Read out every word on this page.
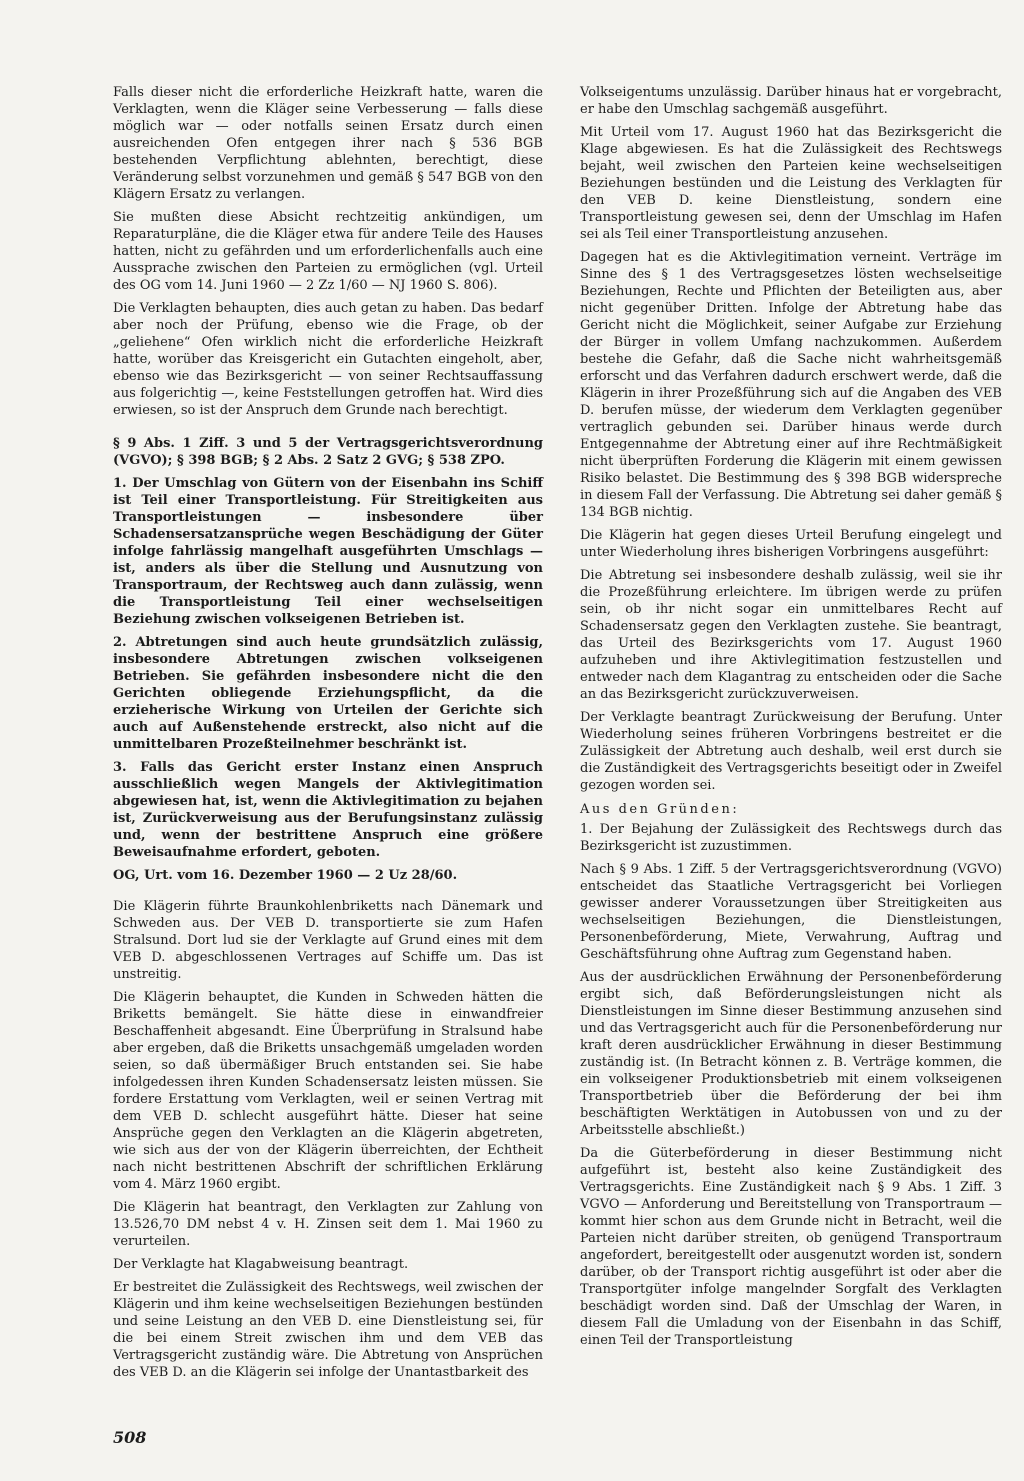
Falls dieser nicht die erforderliche Heizkraft hatte, waren die Verklagten, wenn die Kläger seine Verbesserung — falls diese möglich war — oder notfalls seinen Ersatz durch einen ausreichenden Ofen entgegen ihrer nach § 536 BGB bestehenden Verpflichtung ablehnten, berechtigt, diese Veränderung selbst vorzunehmen und gemäß § 547 BGB von den Klägern Ersatz zu verlangen.

Sie mußten diese Absicht rechtzeitig ankündigen, um Reparaturpläne, die die Kläger etwa für andere Teile des Hauses hatten, nicht zu gefährden und um erforderlichenfalls auch eine Aussprache zwischen den Parteien zu ermöglichen (vgl. Urteil des OG vom 14. Juni 1960 — 2 Zz 1/60 — NJ 1960 S. 806).

Die Verklagten behaupten, dies auch getan zu haben. Das bedarf aber noch der Prüfung, ebenso wie die Frage, ob der „geliehene“ Ofen wirklich nicht die erforderliche Heizkraft hatte, worüber das Kreisgericht ein Gutachten eingeholt, aber, ebenso wie das Bezirksgericht — von seiner Rechtsauffassung aus folgerichtig —, keine Feststellungen getroffen hat. Wird dies erwiesen, so ist der Anspruch dem Grunde nach berechtigt.

§ 9 Abs. 1 Ziff. 3 und 5 der Vertragsgerichtsverordnung (VGVO); § 398 BGB; § 2 Abs. 2 Satz 2 GVG; § 538 ZPO.

1. Der Umschlag von Gütern von der Eisenbahn ins Schiff ist Teil einer Transportleistung. Für Streitigkeiten aus Transportleistungen — insbesondere über Schadensersatzansprüche wegen Beschädigung der Güter infolge fahrlässig mangelhaft ausgeführten Umschlags — ist, anders als über die Stellung und Ausnutzung von Transportraum, der Rechtsweg auch dann zulässig, wenn die Transportleistung Teil einer wechselseitigen Beziehung zwischen volkseigenen Betrieben ist.

2. Abtretungen sind auch heute grundsätzlich zulässig, insbesondere Abtretungen zwischen volkseigenen Betrieben. Sie gefährden insbesondere nicht die den Gerichten obliegende Erziehungspflicht, da die erzieherische Wirkung von Urteilen der Gerichte sich auch auf Außenstehende erstreckt, also nicht auf die unmittelbaren Prozeßteilnehmer beschränkt ist.

3. Falls das Gericht erster Instanz einen Anspruch ausschließlich wegen Mangels der Aktivlegitimation abgewiesen hat, ist, wenn die Aktivlegitimation zu bejahen ist, Zurückverweisung aus der Berufungsinstanz zulässig und, wenn der bestrittene Anspruch eine größere Beweisaufnahme erfordert, geboten.

OG, Urt. vom 16. Dezember 1960 — 2 Uz 28/60.

Die Klägerin führte Braunkohlenbriketts nach Dänemark und Schweden aus. Der VEB D. transportierte sie zum Hafen Stralsund. Dort lud sie der Verklagte auf Grund eines mit dem VEB D. abgeschlossenen Vertrages auf Schiffe um. Das ist unstreitig.

Die Klägerin behauptet, die Kunden in Schweden hätten die Briketts bemängelt. Sie hätte diese in einwandfreier Beschaffenheit abgesandt. Eine Überprüfung in Stralsund habe aber ergeben, daß die Briketts unsachgemäß umgeladen worden seien, so daß übermäßiger Bruch entstanden sei. Sie habe infolgedessen ihren Kunden Schadensersatz leisten müssen. Sie fordere Erstattung vom Verklagten, weil er seinen Vertrag mit dem VEB D. schlecht ausgeführt hätte. Dieser hat seine Ansprüche gegen den Verklagten an die Klägerin abgetreten, wie sich aus der von der Klägerin überreichten, der Echtheit nach nicht bestrittenen Abschrift der schriftlichen Erklärung vom 4. März 1960 ergibt.

Die Klägerin hat beantragt, den Verklagten zur Zahlung von 13.526,70 DM nebst 4 v. H. Zinsen seit dem 1. Mai 1960 zu verurteilen.

Der Verklagte hat Klagabweisung beantragt.

Er bestreitet die Zulässigkeit des Rechtswegs, weil zwischen der Klägerin und ihm keine wechselseitigen Beziehungen bestünden und seine Leistung an den VEB D. eine Dienstleistung sei, für die bei einem Streit zwischen ihm und dem VEB das Vertragsgericht zuständig wäre. Die Abtretung von Ansprüchen des VEB D. an die Klägerin sei infolge der Unantastbarkeit des

Volkseigentums unzulässig. Darüber hinaus hat er vorgebracht, er habe den Umschlag sachgemäß ausgeführt.

Mit Urteil vom 17. August 1960 hat das Bezirksgericht die Klage abgewiesen. Es hat die Zulässigkeit des Rechtswegs bejaht, weil zwischen den Parteien keine wechselseitigen Beziehungen bestünden und die Leistung des Verklagten für den VEB D. keine Dienstleistung, sondern eine Transportleistung gewesen sei, denn der Umschlag im Hafen sei als Teil einer Transportleistung anzusehen.

Dagegen hat es die Aktivlegitimation verneint. Verträge im Sinne des § 1 des Vertragsgesetzes lösten wechselseitige Beziehungen, Rechte und Pflichten der Beteiligten aus, aber nicht gegenüber Dritten. Infolge der Abtretung habe das Gericht nicht die Möglichkeit, seiner Aufgabe zur Erziehung der Bürger in vollem Umfang nachzukommen. Außerdem bestehe die Gefahr, daß die Sache nicht wahrheitsgemäß erforscht und das Verfahren dadurch erschwert werde, daß die Klägerin in ihrer Prozeßführung sich auf die Angaben des VEB D. berufen müsse, der wiederum dem Verklagten gegenüber vertraglich gebunden sei. Darüber hinaus werde durch Entgegennahme der Abtretung einer auf ihre Rechtmäßigkeit nicht überprüften Forderung die Klägerin mit einem gewissen Risiko belastet. Die Bestimmung des § 398 BGB widerspreche in diesem Fall der Verfassung. Die Abtretung sei daher gemäß § 134 BGB nichtig.

Die Klägerin hat gegen dieses Urteil Berufung eingelegt und unter Wiederholung ihres bisherigen Vorbringens ausgeführt:

Die Abtretung sei insbesondere deshalb zulässig, weil sie ihr die Prozeßführung erleichtere. Im übrigen werde zu prüfen sein, ob ihr nicht sogar ein unmittelbares Recht auf Schadensersatz gegen den Verklagten zustehe. Sie beantragt, das Urteil des Bezirksgerichts vom 17. August 1960 aufzuheben und ihre Aktivlegitimation festzustellen und entweder nach dem Klagantrag zu entscheiden oder die Sache an das Bezirksgericht zurückzuverweisen.

Der Verklagte beantragt Zurückweisung der Berufung. Unter Wiederholung seines früheren Vorbringens bestreitet er die Zulässigkeit der Abtretung auch deshalb, weil erst durch sie die Zuständigkeit des Vertragsgerichts beseitigt oder in Zweifel gezogen worden sei.

Aus den Gründen:

1. Der Bejahung der Zulässigkeit des Rechtswegs durch das Bezirksgericht ist zuzustimmen.

Nach § 9 Abs. 1 Ziff. 5 der Vertragsgerichtsverordnung (VGVO) entscheidet das Staatliche Vertragsgericht bei Vorliegen gewisser anderer Voraussetzungen über Streitigkeiten aus wechselseitigen Beziehungen, die Dienstleistungen, Personenbeförderung, Miete, Verwahrung, Auftrag und Geschäftsführung ohne Auftrag zum Gegenstand haben.

Aus der ausdrücklichen Erwähnung der Personenbeförderung ergibt sich, daß Beförderungsleistungen nicht als Dienstleistungen im Sinne dieser Bestimmung anzusehen sind und das Vertragsgericht auch für die Personenbeförderung nur kraft deren ausdrücklicher Erwähnung in dieser Bestimmung zuständig ist. (In Betracht können z. B. Verträge kommen, die ein volkseigener Produktionsbetrieb mit einem volkseigenen Transportbetrieb über die Beförderung der bei ihm beschäftigten Werktätigen in Autobussen von und zu der Arbeitsstelle abschließt.)

Da die Güterbeförderung in dieser Bestimmung nicht aufgeführt ist, besteht also keine Zuständigkeit des Vertragsgerichts. Eine Zuständigkeit nach § 9 Abs. 1 Ziff. 3 VGVO — Anforderung und Bereitstellung von Transportraum — kommt hier schon aus dem Grunde nicht in Betracht, weil die Parteien nicht darüber streiten, ob genügend Transportraum angefordert, bereitgestellt oder ausgenutzt worden ist, sondern darüber, ob der Transport richtig ausgeführt ist oder aber die Transportgüter infolge mangelnder Sorgfalt des Verklagten beschädigt worden sind. Daß der Umschlag der Waren, in diesem Fall die Umladung von der Eisenbahn in das Schiff, einen Teil der Transportleistung

508
